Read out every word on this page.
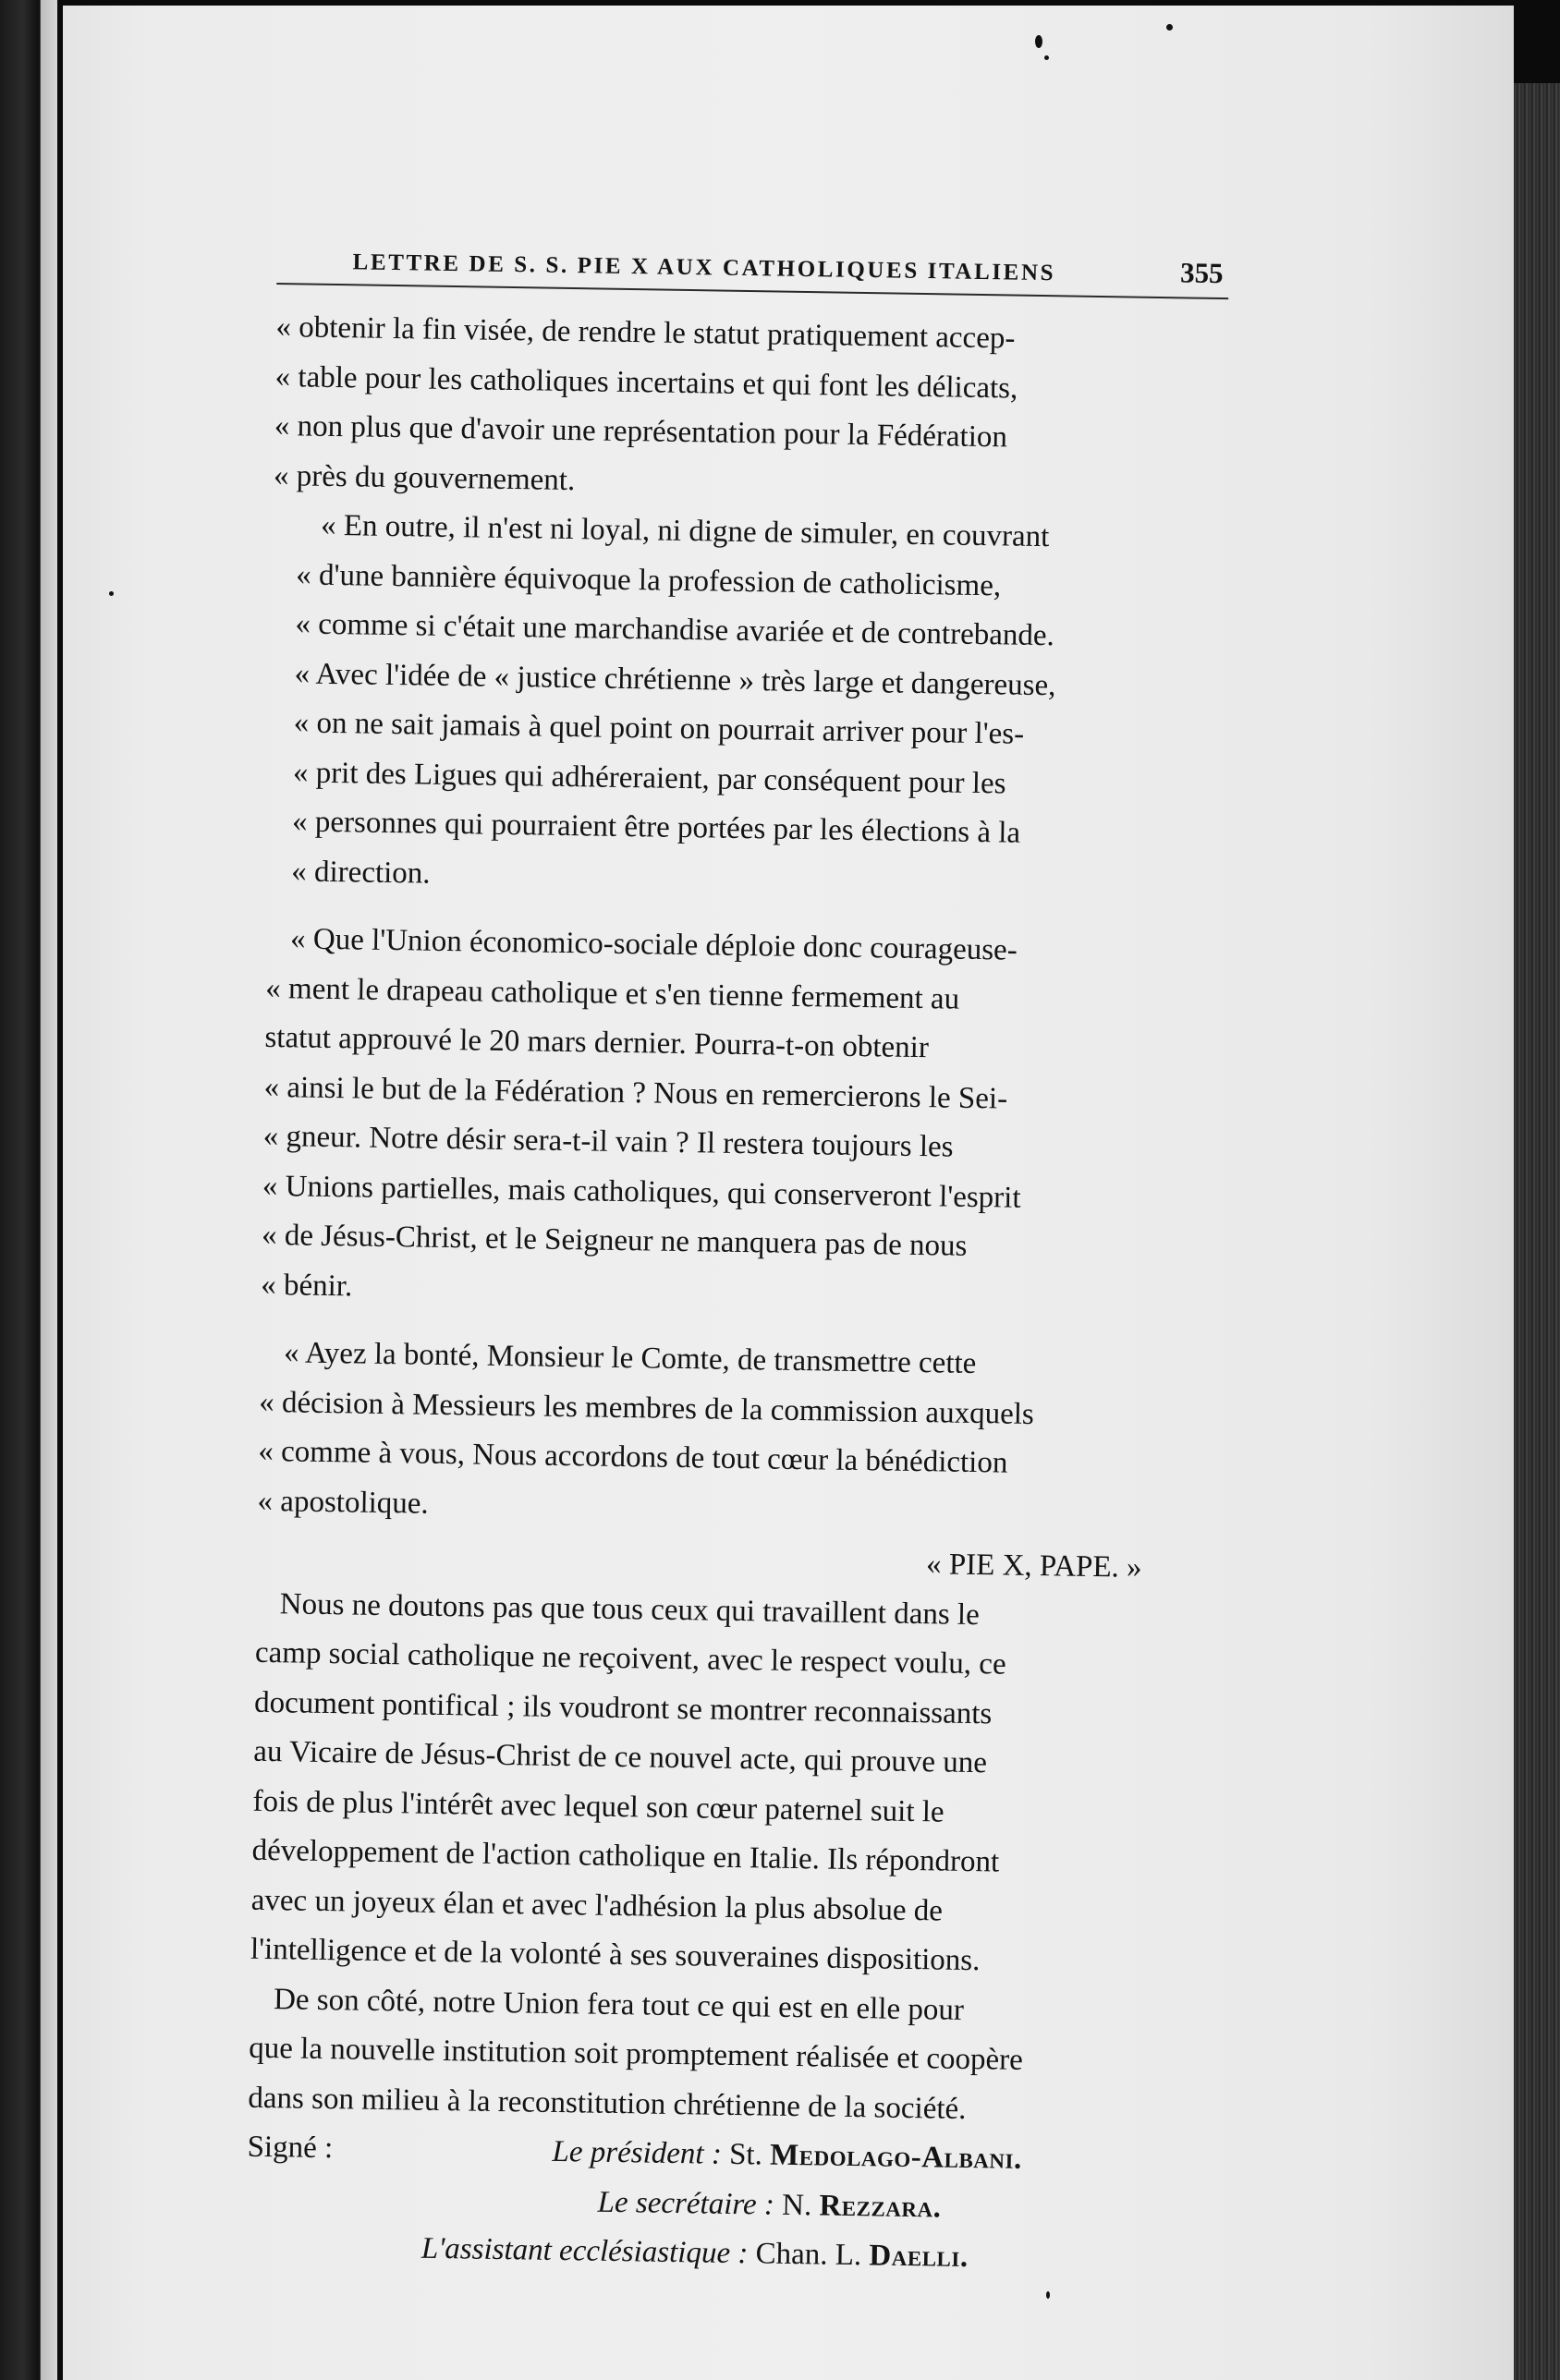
LETTRE DE S. S. PIE X AUX CATHOLIQUES ITALIENS	355
« obtenir la fin visée, de rendre le statut pratiquement accep-
« table pour les catholiques incertains et qui font les délicats,
« non plus que d'avoir une représentation pour la Fédération
« près du gouvernement.
« En outre, il n'est ni loyal, ni digne de simuler, en couvrant
« d'une bannière équivoque la profession de catholicisme,
« comme si c'était une marchandise avariée et de contrebande.
« Avec l'idée de « justice chrétienne » très large et dangereuse,
« on ne sait jamais à quel point on pourrait arriver pour l'es-
« prit des Ligues qui adhéreraient, par conséquent pour les
« personnes qui pourraient être portées par les élections à la
« direction.
« Que l'Union économico-sociale déploie donc courageuse-
« ment le drapeau catholique et s'en tienne fermement au
statut approuvé le 20 mars dernier. Pourra-t-on obtenir
« ainsi le but de la Fédération ? Nous en remercierons le Sei-
« gneur. Notre désir sera-t-il vain ? Il restera toujours les
« Unions partielles, mais catholiques, qui conserveront l'esprit
« de Jésus-Christ, et le Seigneur ne manquera pas de nous
« bénir.
« Ayez la bonté, Monsieur le Comte, de transmettre cette
« décision à Messieurs les membres de la commission auxquels
« comme à vous, Nous accordons de tout cœur la bénédiction
« apostolique.
« PIE X, PAPE. »
Nous ne doutons pas que tous ceux qui travaillent dans le
camp social catholique ne reçoivent, avec le respect voulu, ce
document pontifical ; ils voudront se montrer reconnaissants
au Vicaire de Jésus-Christ de ce nouvel acte, qui prouve une
fois de plus l'intérêt avec lequel son cœur paternel suit le
développement de l'action catholique en Italie. Ils répondront
avec un joyeux élan et avec l'adhésion la plus absolue de
l'intelligence et de la volonté à ses souveraines dispositions.
De son côté, notre Union fera tout ce qui est en elle pour
que la nouvelle institution soit promptement réalisée et coopère
dans son milieu à la reconstitution chrétienne de la société.
Signé :	Le président : St. Medolago-Albani.
Le secrétaire : N. Rezzara.
L'assistant ecclésiastique : Chan. L. Daelli.
